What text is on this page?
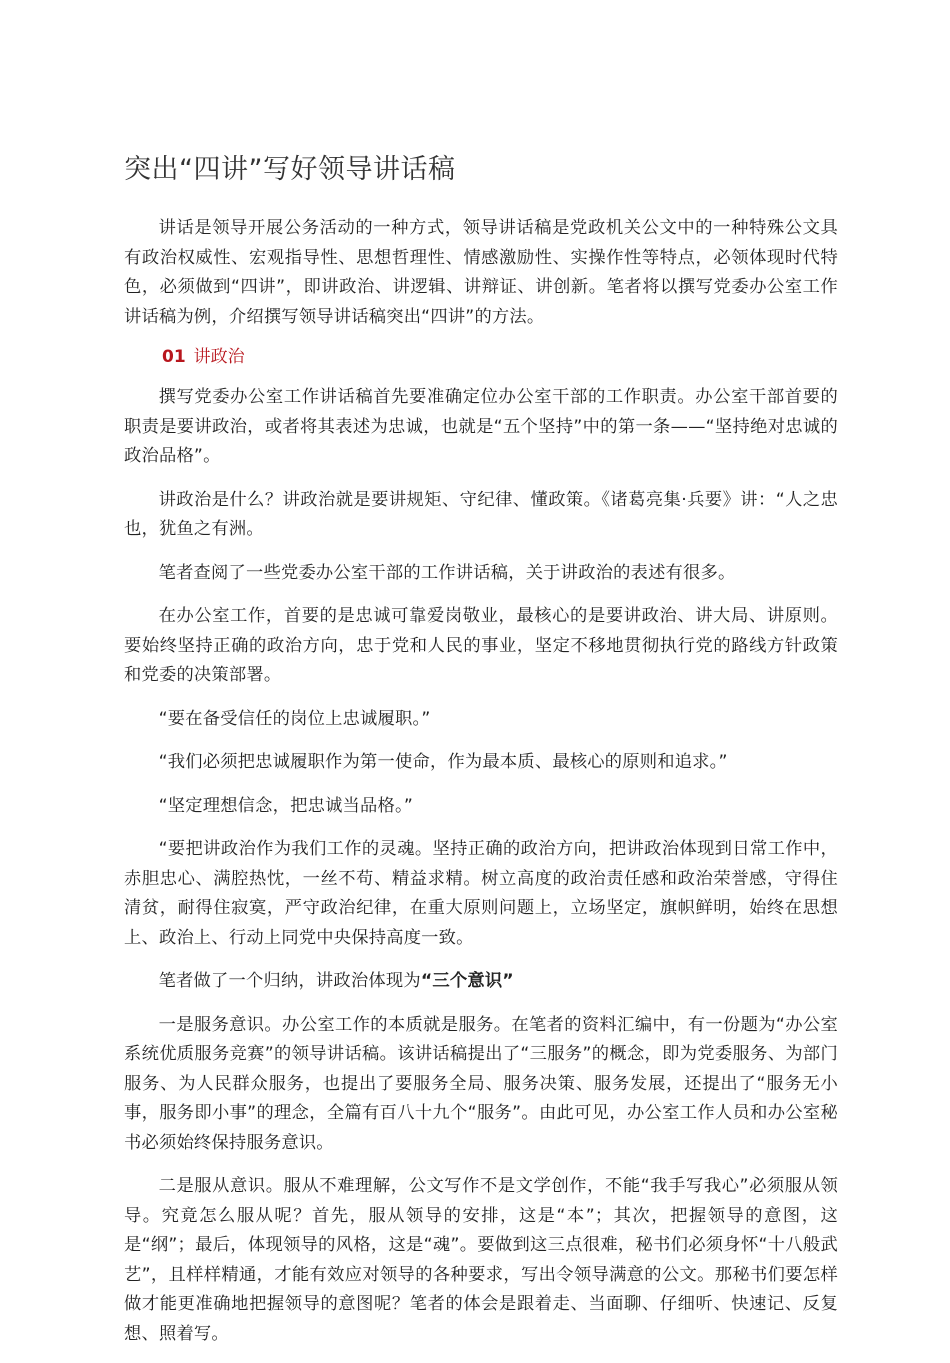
突出“四讲”写好领导讲话稿

讲话是领导开展公务活动的一种方式，领导讲话稿是党政机关公文中的一种特殊公文具有政治权威性、宏观指导性、思想哲理性、情感激励性、实操作性等特点，必领体现时代特色，必须做到“四讲”，即讲政治、讲逻辑、讲辩证、讲创新。笔者将以撰写党委办公室工作讲话稿为例，介绍撰写领导讲话稿突出“四讲”的方法。

01 讲政治

撰写党委办公室工作讲话稿首先要准确定位办公室干部的工作职责。办公室干部首要的职责是要讲政治，或者将其表述为忠诚，也就是“五个坚持”中的第一条——“坚持绝对忠诚的政治品格”。

讲政治是什么？讲政治就是要讲规矩、守纪律、懂政策。《诸葛亮集·兵要》讲：“人之忠也，犹鱼之有洲。

笔者查阅了一些党委办公室干部的工作讲话稿，关于讲政治的表述有很多。

在办公室工作，首要的是忠诚可靠爱岗敬业，最核心的是要讲政治、讲大局、讲原则。要始终坚持正确的政治方向，忠于党和人民的事业，坚定不移地贯彻执行党的路线方针政策和党委的决策部署。

“要在备受信任的岗位上忠诚履职。”

“我们必须把忠诚履职作为第一使命，作为最本质、最核心的原则和追求。”

“坚定理想信念，把忠诚当品格。”

“要把讲政治作为我们工作的灵魂。坚持正确的政治方向，把讲政治体现到日常工作中，赤胆忠心、满腔热忱，一丝不苟、精益求精。树立高度的政治责任感和政治荣誉感，守得住清贫，耐得住寂寞，严守政治纪律，在重大原则问题上，立场坚定，旗帜鲜明，始终在思想上、政治上、行动上同党中央保持高度一致。

笔者做了一个归纳，讲政治体现为“三个意识”

一是服务意识。办公室工作的本质就是服务。在笔者的资料汇编中，有一份题为“办公室系统优质服务竞赛”的领导讲话稿。该讲话稿提出了“三服务”的概念，即为党委服务、为部门服务、为人民群众服务，也提出了要服务全局、服务决策、服务发展，还提出了“服务无小事，服务即小事”的理念，全篇有百八十九个“服务”。由此可见，办公室工作人员和办公室秘书必须始终保持服务意识。

二是服从意识。服从不难理解，公文写作不是文学创作，不能“我手写我心”必须服从领导。究竟怎么服从呢？首先，服从领导的安排，这是“本”；其次，把握领导的意图，这是“纲”；最后，体现领导的风格，这是“魂”。要做到这三点很难，秘书们必须身怀“十八般武艺”，且样样精通，才能有效应对领导的各种要求，写出令领导满意的公文。那秘书们要怎样做才能更准确地把握领导的意图呢？笔者的体会是跟着走、当面聊、仔细听、快速记、反复想、照着写。
